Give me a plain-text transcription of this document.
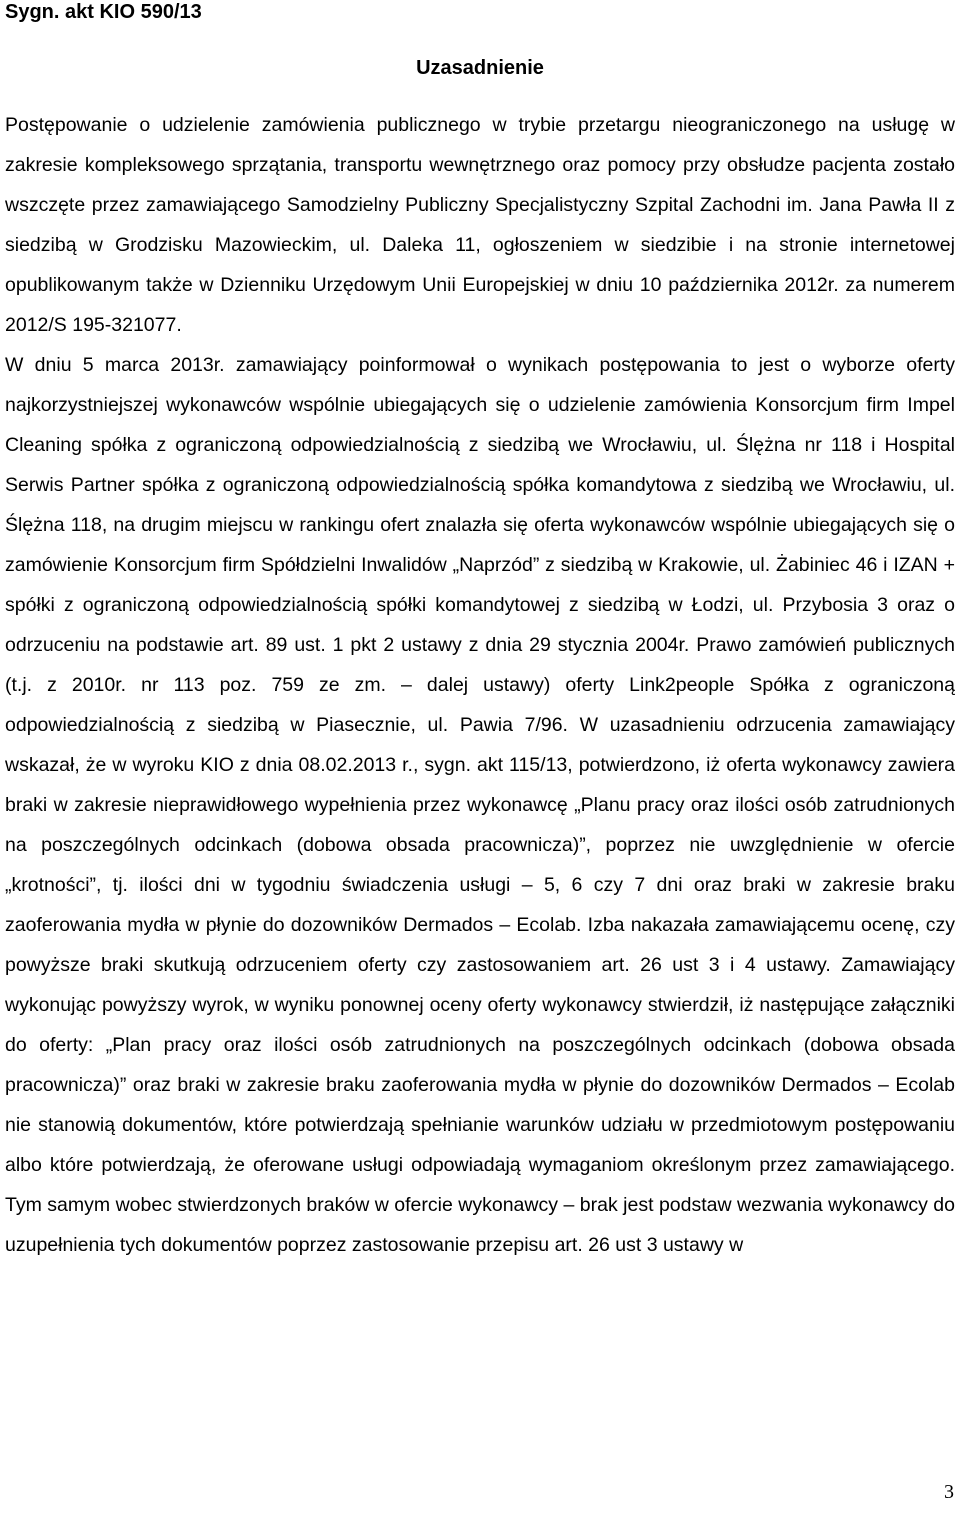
Sygn. akt KIO 590/13

Uzasadnienie

Postępowanie o udzielenie zamówienia publicznego w trybie przetargu nieograniczonego na usługę w zakresie kompleksowego sprzątania, transportu wewnętrznego oraz pomocy przy obsłudze pacjenta zostało wszczęte przez zamawiającego Samodzielny Publiczny Specjalistyczny Szpital Zachodni im. Jana Pawła II z siedzibą w Grodzisku Mazowieckim, ul. Daleka 11, ogłoszeniem w siedzibie i na stronie internetowej opublikowanym także w Dzienniku Urzędowym Unii Europejskiej w dniu 10 października 2012r. za numerem 2012/S 195-321077.

W dniu 5 marca 2013r. zamawiający poinformował o wynikach postępowania to jest o wyborze oferty najkorzystniejszej wykonawców wspólnie ubiegających się o udzielenie zamówienia Konsorcjum firm Impel Cleaning spółka z ograniczoną odpowiedzialnością z siedzibą we Wrocławiu, ul. Ślężna nr 118 i Hospital Serwis Partner spółka z ograniczoną odpowiedzialnością spółka komandytowa z siedzibą we Wrocławiu, ul. Ślężna 118, na drugim miejscu w rankingu ofert znalazła się oferta wykonawców wspólnie ubiegających się o zamówienie Konsorcjum firm Spółdzielni Inwalidów „Naprzód” z siedzibą w Krakowie, ul. Żabiniec 46 i IZAN + spółki z ograniczoną odpowiedzialnością spółki komandytowej z siedzibą w Łodzi, ul. Przybosia 3 oraz o odrzuceniu na podstawie art. 89 ust. 1 pkt 2 ustawy z dnia 29 stycznia 2004r. Prawo zamówień publicznych (t.j. z 2010r. nr 113 poz. 759 ze zm. – dalej ustawy) oferty Link2people Spółka z ograniczoną odpowiedzialnością z siedzibą w Piasecznie, ul. Pawia 7/96. W uzasadnieniu odrzucenia zamawiający wskazał, że w wyroku KIO z dnia 08.02.2013 r., sygn. akt 115/13, potwierdzono, iż oferta wykonawcy zawiera braki w zakresie nieprawidłowego wypełnienia przez wykonawcę „Planu pracy oraz ilości osób zatrudnionych na poszczególnych odcinkach (dobowa obsada pracownicza)”, poprzez nie uwzględnienie w ofercie „krotności”, tj. ilości dni w tygodniu świadczenia usługi – 5, 6 czy 7 dni oraz braki w zakresie braku zaoferowania mydła w płynie do dozowników Dermados – Ecolab. Izba nakazała zamawiającemu ocenę, czy powyższe braki skutkują odrzuceniem oferty czy zastosowaniem art. 26 ust 3 i 4 ustawy. Zamawiający wykonując powyższy wyrok, w wyniku ponownej oceny oferty wykonawcy stwierdził, iż następujące załączniki do oferty: „Plan pracy oraz ilości osób zatrudnionych na poszczególnych odcinkach (dobowa obsada pracownicza)” oraz braki w zakresie braku zaoferowania mydła w płynie do dozowników Dermados – Ecolab nie stanowią dokumentów, które potwierdzają spełnianie warunków udziału w przedmiotowym postępowaniu albo które potwierdzają, że oferowane usługi odpowiadają wymaganiom określonym przez zamawiającego. Tym samym wobec stwierdzonych braków w ofercie wykonawcy – brak jest podstaw wezwania wykonawcy do uzupełnienia tych dokumentów poprzez zastosowanie przepisu art. 26 ust 3 ustawy w

3
